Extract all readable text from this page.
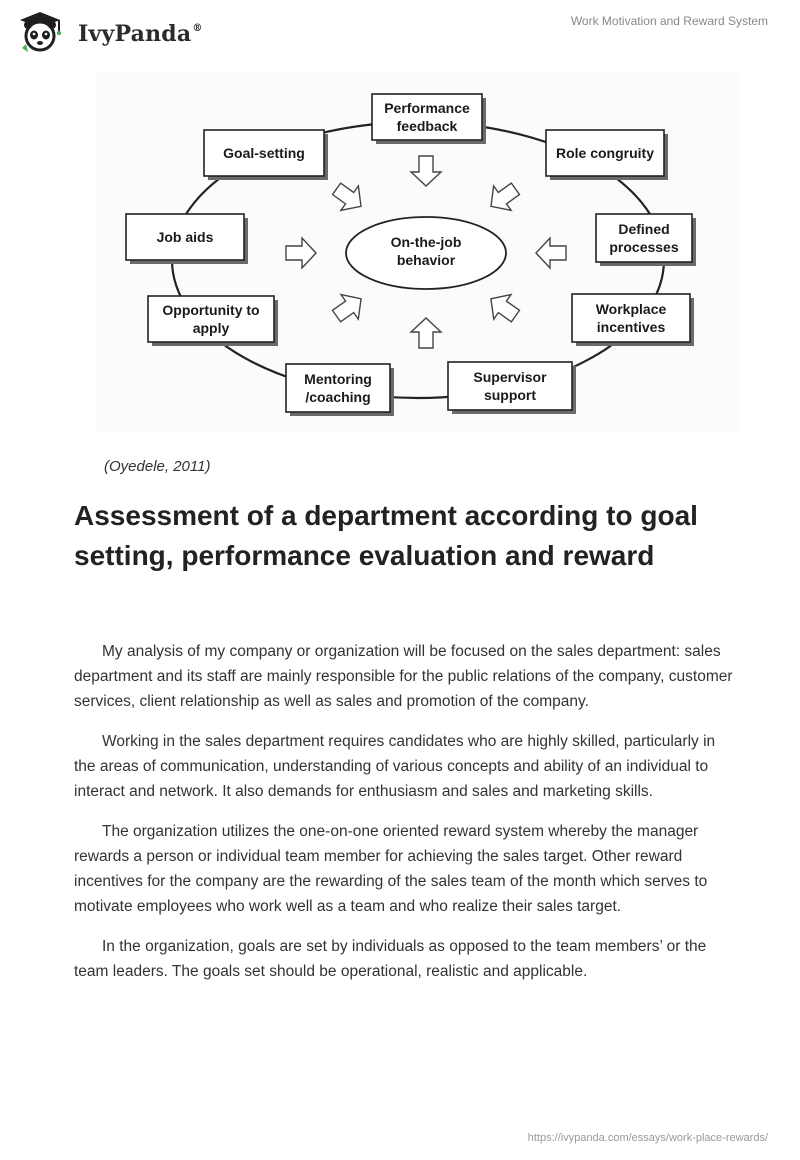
IvyPanda®
Work Motivation and Reward System
On-the-job
behavior
Performance
feedback
Role congruity
Defined
processes
Workplace
incentives
Supervisor
support
Mentoring
/coaching
Opportunity to
apply
Job aids
Goal-setting
(Oyedele, 2011)
Assessment of a department according to goal setting, performance evaluation and reward

My analysis of my company or organization will be focused on the sales department: sales department and its staff are mainly responsible for the public relations of the company, customer services, client relationship as well as sales and promotion of the company.

Working in the sales department requires candidates who are highly skilled, particularly in the areas of communication, understanding of various concepts and ability of an individual to interact and network. It also demands for enthusiasm and sales and marketing skills.

The organization utilizes the one-on-one oriented reward system whereby the manager rewards a person or individual team member for achieving the sales target. Other reward incentives for the company are the rewarding of the sales team of the month which serves to motivate employees who work well as a team and who realize their sales target.

In the organization, goals are set by individuals as opposed to the team members’ or the team leaders. The goals set should be operational, realistic and applicable.

https://ivypanda.com/essays/work-place-rewards/
